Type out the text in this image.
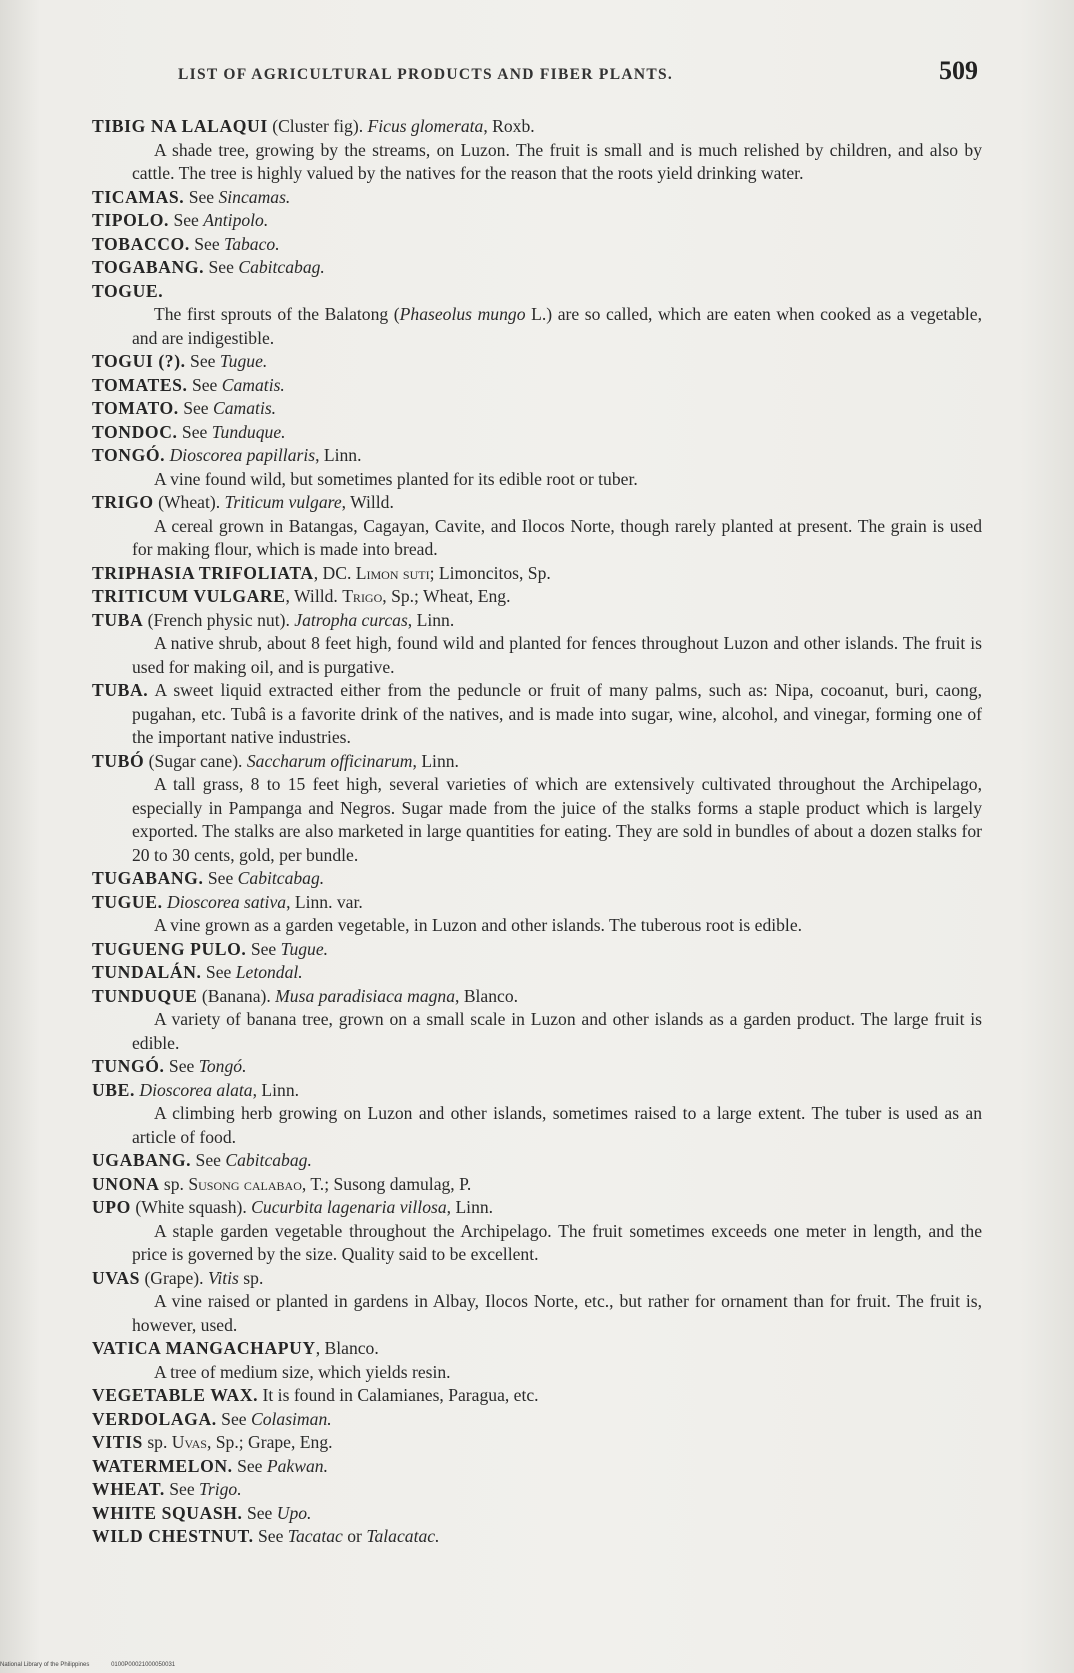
LIST OF AGRICULTURAL PRODUCTS AND FIBER PLANTS.	509
TIBIG NA LALAQUI (Cluster fig). Ficus glomerata, Roxb.
A shade tree, growing by the streams, on Luzon. The fruit is small and is much relished by children, and also by cattle. The tree is highly valued by the natives for the reason that the roots yield drinking water.
TICAMAS. See Sincamas.
TIPOLO. See Antipolo.
TOBACCO. See Tabaco.
TOGABANG. See Cabitcabag.
TOGUE.
The first sprouts of the Balatong (Phaseolus mungo L.) are so called, which are eaten when cooked as a vegetable, and are indigestible.
TOGUI (?). See Tugue.
TOMATES. See Camatis.
TOMATO. See Camatis.
TONDOC. See Tunduque.
TONGÓ. Dioscorea papillaris, Linn.
A vine found wild, but sometimes planted for its edible root or tuber.
TRIGO (Wheat). Triticum vulgare, Willd.
A cereal grown in Batangas, Cagayan, Cavite, and Ilocos Norte, though rarely planted at present. The grain is used for making flour, which is made into bread.
TRIPHASIA TRIFOLIATA, DC. Limon suti; Limoncitos, Sp.
TRITICUM VULGARE, Willd. Trigo, Sp.; Wheat, Eng.
TUBA (French physic nut). Jatropha curcas, Linn.
A native shrub, about 8 feet high, found wild and planted for fences throughout Luzon and other islands. The fruit is used for making oil, and is purgative.
TUBA. A sweet liquid extracted either from the peduncle or fruit of many palms, such as: Nipa, cocoanut, buri, caong, pugahan, etc. Tubâ is a favorite drink of the natives, and is made into sugar, wine, alcohol, and vinegar, forming one of the important native industries.
TUBÓ (Sugar cane). Saccharum officinarum, Linn.
A tall grass, 8 to 15 feet high, several varieties of which are extensively cultivated throughout the Archipelago, especially in Pampanga and Negros. Sugar made from the juice of the stalks forms a staple product which is largely exported. The stalks are also marketed in large quantities for eating. They are sold in bundles of about a dozen stalks for 20 to 30 cents, gold, per bundle.
TUGABANG. See Cabitcabag.
TUGUE. Dioscorea sativa, Linn. var.
A vine grown as a garden vegetable, in Luzon and other islands. The tuberous root is edible.
TUGUENG PULO. See Tugue.
TUNDALÁN. See Letondal.
TUNDUQUE (Banana). Musa paradisiaca magna, Blanco.
A variety of banana tree, grown on a small scale in Luzon and other islands as a garden product. The large fruit is edible.
TUNGÓ. See Tongó.
UBE. Dioscorea alata, Linn.
A climbing herb growing on Luzon and other islands, sometimes raised to a large extent. The tuber is used as an article of food.
UGABANG. See Cabitcabag.
UNONA sp. Susong calabao, T.; Susong damulag, P.
UPO (White squash). Cucurbita lagenaria villosa, Linn.
A staple garden vegetable throughout the Archipelago. The fruit sometimes exceeds one meter in length, and the price is governed by the size. Quality said to be excellent.
UVAS (Grape). Vitis sp.
A vine raised or planted in gardens in Albay, Ilocos Norte, etc., but rather for ornament than for fruit. The fruit is, however, used.
VATICA MANGACHAPUY, Blanco.
A tree of medium size, which yields resin.
VEGETABLE WAX. It is found in Calamianes, Paragua, etc.
VERDOLAGA. See Colasiman.
VITIS sp. Uvas, Sp.; Grape, Eng.
WATERMELON. See Pakwan.
WHEAT. See Trigo.
WHITE SQUASH. See Upo.
WILD CHESTNUT. See Tacatac or Talacatac.
National Library of the Philippines	0100P00021000050031
